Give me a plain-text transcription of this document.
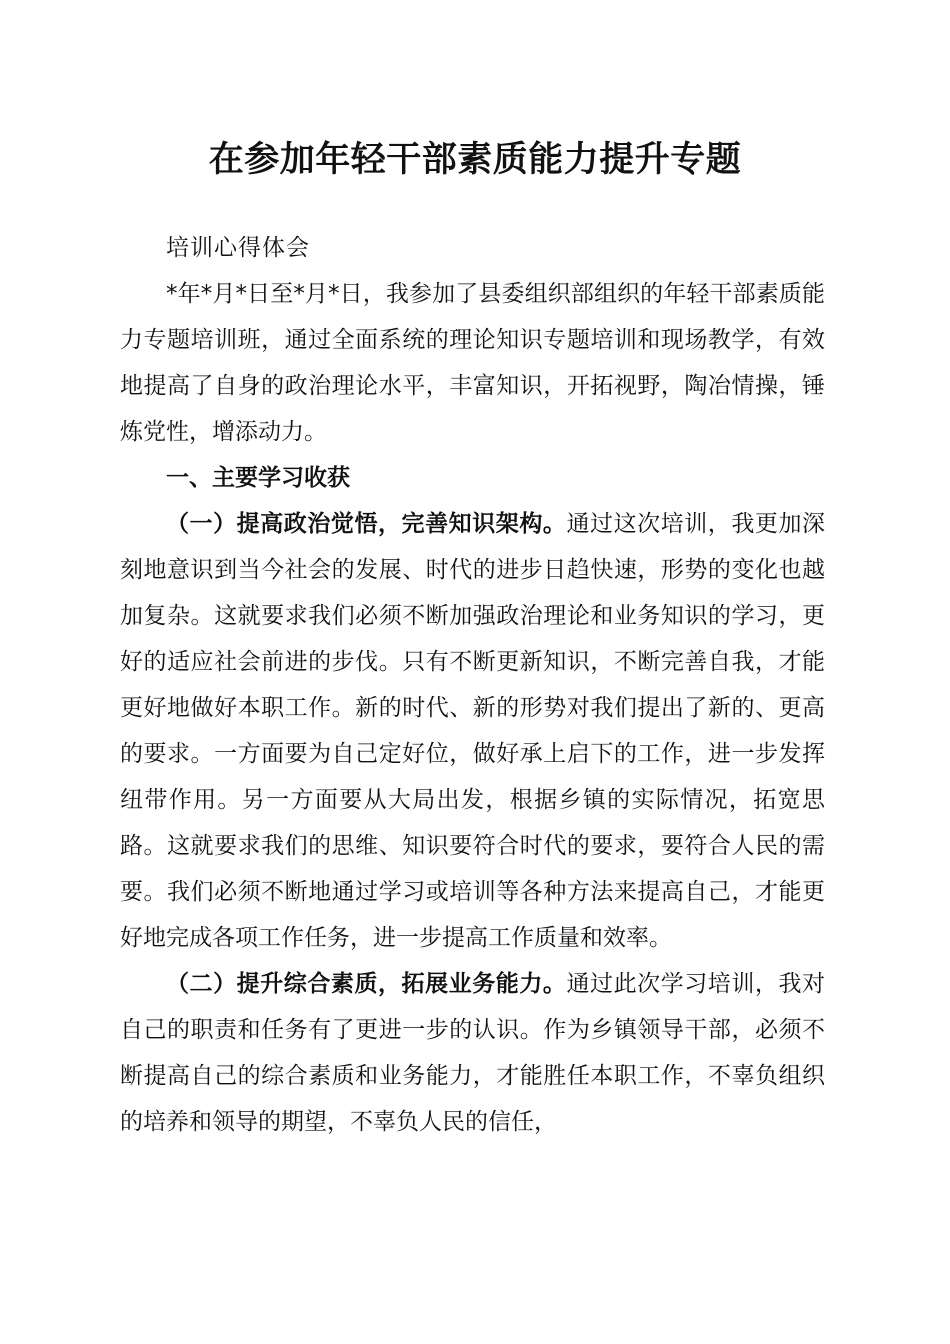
在参加年轻干部素质能力提升专题

培训心得体会

*年*月*日至*月*日，我参加了县委组织部组织的年轻干部素质能力专题培训班，通过全面系统的理论知识专题培训和现场教学，有效地提高了自身的政治理论水平，丰富知识，开拓视野，陶冶情操，锤炼党性，增添动力。

一、主要学习收获

（一）提高政治觉悟，完善知识架构。通过这次培训，我更加深刻地意识到当今社会的发展、时代的进步日趋快速，形势的变化也越加复杂。这就要求我们必须不断加强政治理论和业务知识的学习，更好的适应社会前进的步伐。只有不断更新知识，不断完善自我，才能更好地做好本职工作。新的时代、新的形势对我们提出了新的、更高的要求。一方面要为自己定好位，做好承上启下的工作，进一步发挥纽带作用。另一方面要从大局出发，根据乡镇的实际情况，拓宽思路。这就要求我们的思维、知识要符合时代的要求，要符合人民的需要。我们必须不断地通过学习或培训等各种方法来提高自己，才能更好地完成各项工作任务，进一步提高工作质量和效率。

（二）提升综合素质，拓展业务能力。通过此次学习培训，我对自己的职责和任务有了更进一步的认识。作为乡镇领导干部，必须不断提高自己的综合素质和业务能力，才能胜任本职工作，不辜负组织的培养和领导的期望，不辜负人民的信任，
